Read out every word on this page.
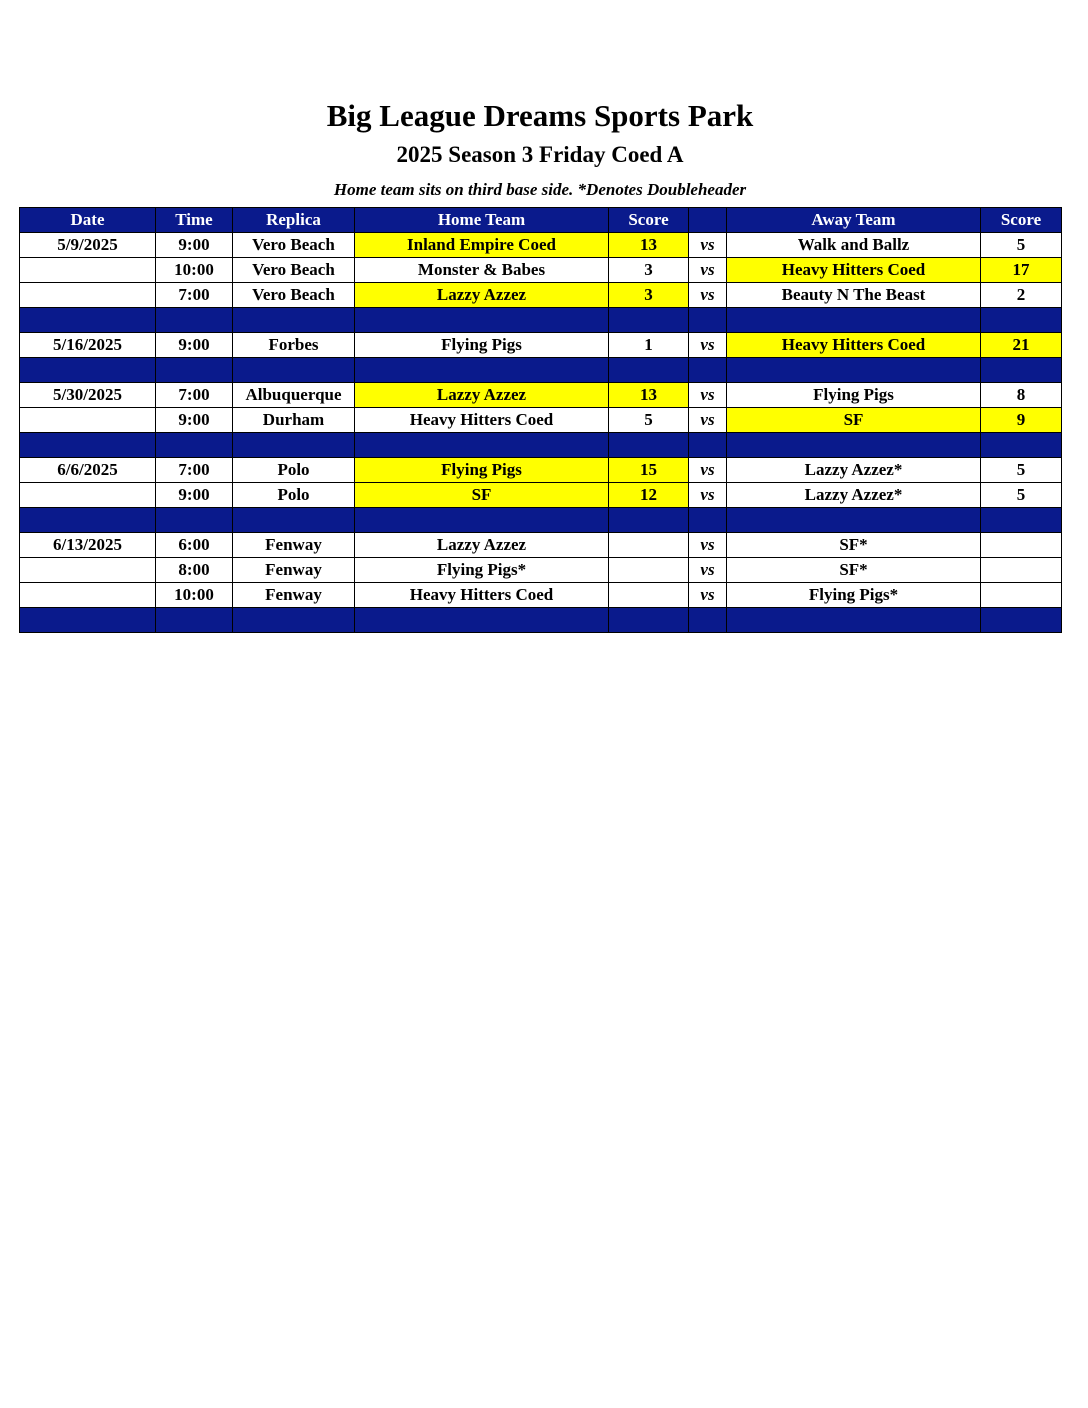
Big League Dreams Sports Park
2025 Season 3 Friday Coed A
Home team sits on third base side. *Denotes Doubleheader
Date	Time	Replica	Home Team	Score		Away Team	Score
5/9/2025	9:00	Vero Beach	Inland Empire Coed	13	vs	Walk and Ballz	5
	10:00	Vero Beach	Monster & Babes	3	vs	Heavy Hitters Coed	17
	7:00	Vero Beach	Lazzy Azzez	3	vs	Beauty N The Beast	2

5/16/2025	9:00	Forbes	Flying Pigs	1	vs	Heavy Hitters Coed	21

5/30/2025	7:00	Albuquerque	Lazzy Azzez	13	vs	Flying Pigs	8
	9:00	Durham	Heavy Hitters Coed	5	vs	SF	9

6/6/2025	7:00	Polo	Flying Pigs	15	vs	Lazzy Azzez*	5
	9:00	Polo	SF	12	vs	Lazzy Azzez*	5

6/13/2025	6:00	Fenway	Lazzy Azzez		vs	SF*	
	8:00	Fenway	Flying Pigs*		vs	SF*	
	10:00	Fenway	Heavy Hitters Coed		vs	Flying Pigs*	
